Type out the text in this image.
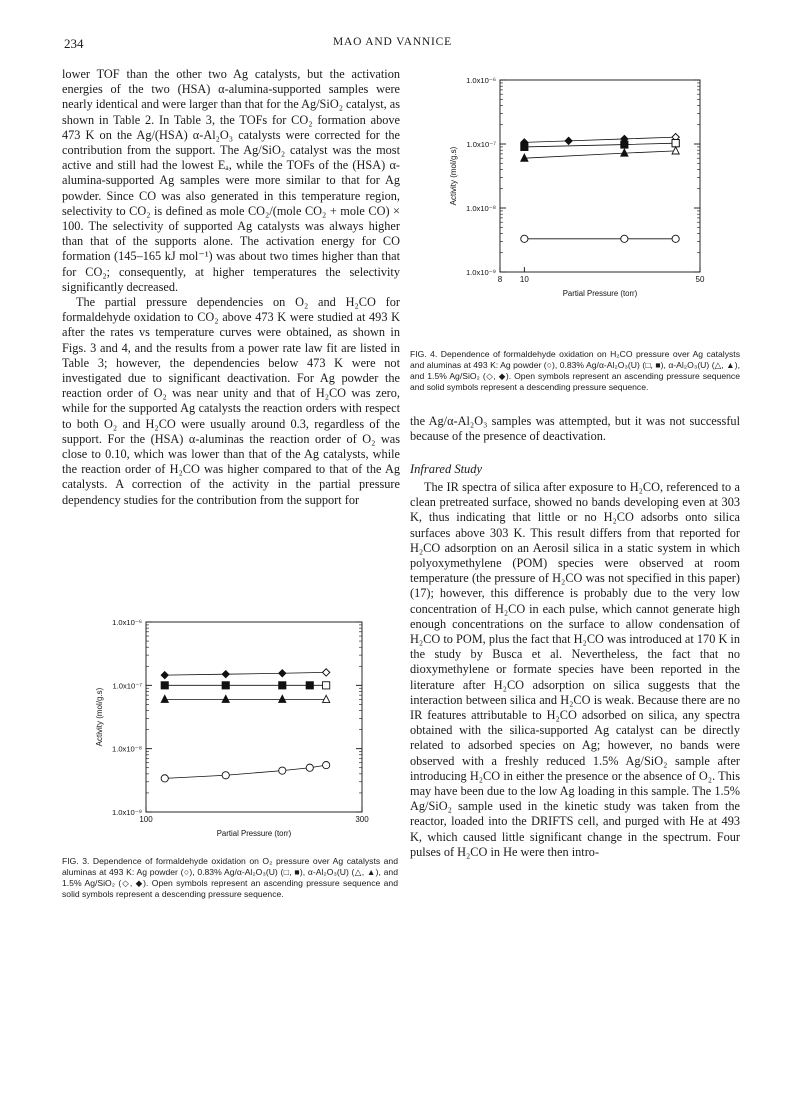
234	MAO AND VANNICE

lower TOF than the other two Ag catalysts, but the activation energies of the two (HSA) α-alumina-supported samples were nearly identical and were larger than that for the Ag/SiO₂ catalyst, as shown in Table 2. In Table 3, the TOFs for CO₂ formation above 473 K on the Ag/(HSA) α-Al₂O₃ catalysts were corrected for the contribution from the support. The Ag/SiO₂ catalyst was the most active and still had the lowest Eₐ, while the TOFs of the (HSA) α-alumina-supported Ag samples were more similar to that for Ag powder. Since CO was also generated in this temperature region, selectivity to CO₂ is defined as mole CO₂/(mole CO₂ + mole CO) × 100. The selectivity of supported Ag catalysts was always higher than that of the supports alone. The activation energy for CO formation (145–165 kJ mol⁻¹) was about two times higher than that for CO₂; consequently, at higher temperatures the selectivity significantly decreased.

The partial pressure dependencies on O₂ and H₂CO for formaldehyde oxidation to CO₂ above 473 K were studied at 493 K after the rates vs temperature curves were obtained, as shown in Figs. 3 and 4, and the results from a power rate law fit are listed in Table 3; however, the dependencies below 473 K were not investigated due to significant deactivation. For Ag powder the reaction order of O₂ was near unity and that of H₂CO was zero, while for the supported Ag catalysts the reaction orders with respect to both O₂ and H₂CO were usually around 0.3, regardless of the support. For the (HSA) α-aluminas the reaction order of O₂ was close to 0.10, which was lower than that of the Ag catalysts, while the reaction order of H₂CO was higher compared to that of the Ag catalysts. A correction of the activity in the partial pressure dependency studies for the contribution from the support for

1.0x10⁻⁹
1.0x10⁻⁸
1.0x10⁻⁷
1.0x10⁻⁶
8 10	50
Partial Pressure (torr)
Activity (mol/g.s)
FIG. 4. Dependence of formaldehyde oxidation on H₂CO pressure over Ag catalysts and aluminas at 493 K: Ag powder (○), 0.83% Ag/α-Al₂O₃(U) (□, ■), α-Al₂O₃(U) (△, ▲), and 1.5% Ag/SiO₂ (◇, ◆). Open symbols represent an ascending pressure sequence and solid symbols represent a descending pressure sequence.

the Ag/α-Al₂O₃ samples was attempted, but it was not successful because of the presence of deactivation.

Infrared Study

The IR spectra of silica after exposure to H₂CO, referenced to a clean pretreated surface, showed no bands developing even at 303 K, thus indicating that little or no H₂CO adsorbs onto silica surfaces above 303 K. This result differs from that reported for H₂CO adsorption on an Aerosil silica in a static system in which polyoxymethylene (POM) species were observed at room temperature (the pressure of H₂CO was not specified in this paper) (17); however, this difference is probably due to the very low concentration of H₂CO in each pulse, which cannot generate high enough concentrations on the surface to allow condensation of H₂CO to POM, plus the fact that H₂CO was introduced at 170 K in the study by Busca et al. Nevertheless, the fact that no dioxymethylene or formate species have been reported in the literature after H₂CO adsorption on silica suggests that the interaction between silica and H₂CO is weak. Because there are no IR features attributable to H₂CO adsorbed on silica, any spectra obtained with the silica-supported Ag catalyst can be directly related to adsorbed species on Ag; however, no bands were observed with a freshly reduced 1.5% Ag/SiO₂ sample after introducing H₂CO in either the presence or the absence of O₂. This may have been due to the low Ag loading in this sample. The 1.5% Ag/SiO₂ sample used in the kinetic study was taken from the reactor, loaded into the DRIFTS cell, and purged with He at 493 K, which caused little significant change in the spectrum. Four pulses of H₂CO in He were then intro-

1.0x10⁻⁹
1.0x10⁻⁸
1.0x10⁻⁷
1.0x10⁻⁶
100	300
Partial Pressure (torr)
Activity (mol/g.s)
FIG. 3. Dependence of formaldehyde oxidation on O₂ pressure over Ag catalysts and aluminas at 493 K: Ag powder (○), 0.83% Ag/α-Al₂O₃(U) (□, ■), α-Al₂O₃(U) (△, ▲), and 1.5% Ag/SiO₂ (◇, ◆). Open symbols represent an ascending pressure sequence and solid symbols represent a descending pressure sequence.
